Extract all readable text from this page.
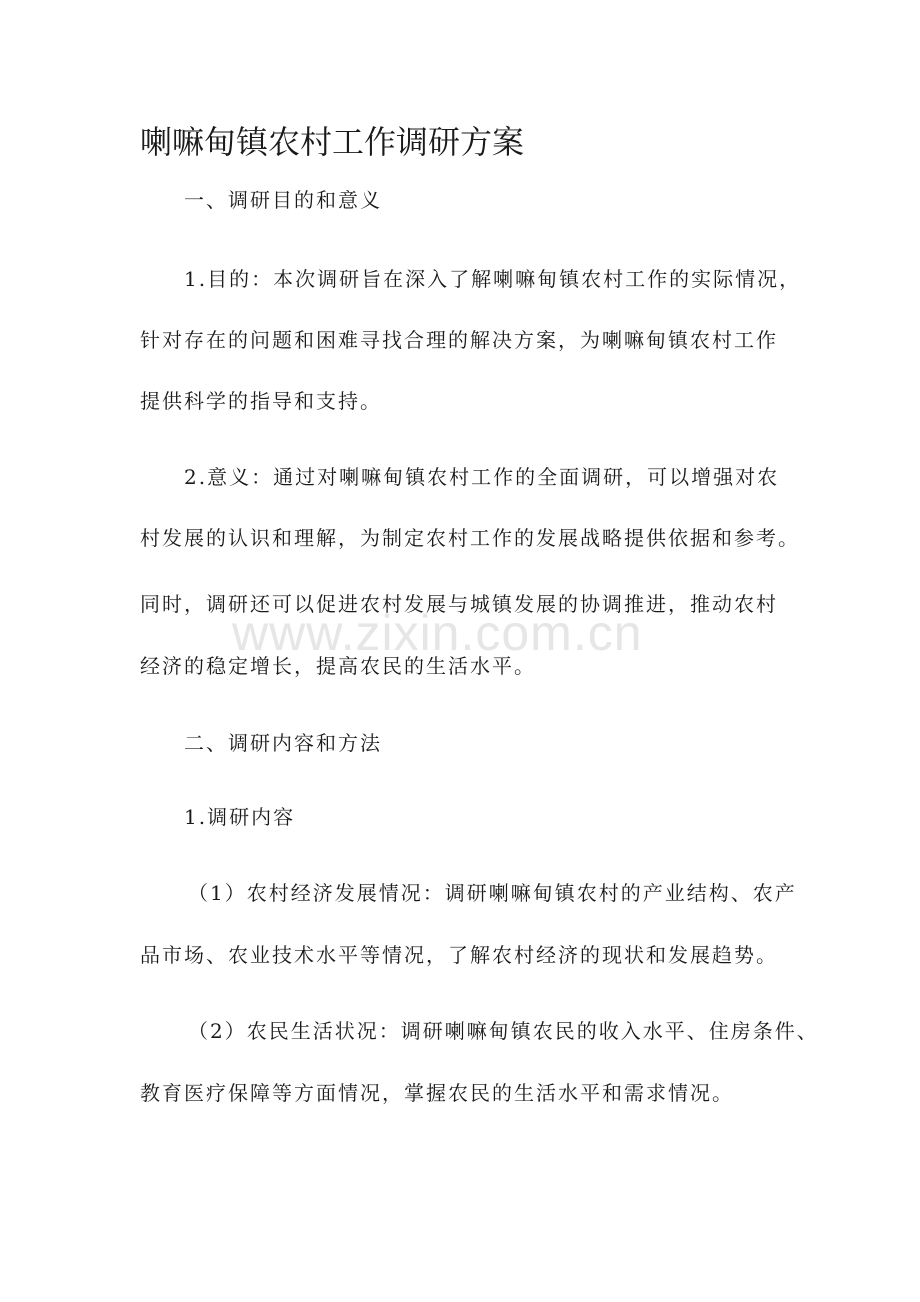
喇嘛甸镇农村工作调研方案
www.zixin.com.cn

一、调研目的和意义

1.目的：本次调研旨在深入了解喇嘛甸镇农村工作的实际情况，

针对存在的问题和困难寻找合理的解决方案，为喇嘛甸镇农村工作

提供科学的指导和支持。

2.意义：通过对喇嘛甸镇农村工作的全面调研，可以增强对农

村发展的认识和理解，为制定农村工作的发展战略提供依据和参考。

同时，调研还可以促进农村发展与城镇发展的协调推进，推动农村

经济的稳定增长，提高农民的生活水平。

二、调研内容和方法

1.调研内容

（1）农村经济发展情况：调研喇嘛甸镇农村的产业结构、农产

品市场、农业技术水平等情况，了解农村经济的现状和发展趋势。

（2）农民生活状况：调研喇嘛甸镇农民的收入水平、住房条件、

教育医疗保障等方面情况，掌握农民的生活水平和需求情况。
